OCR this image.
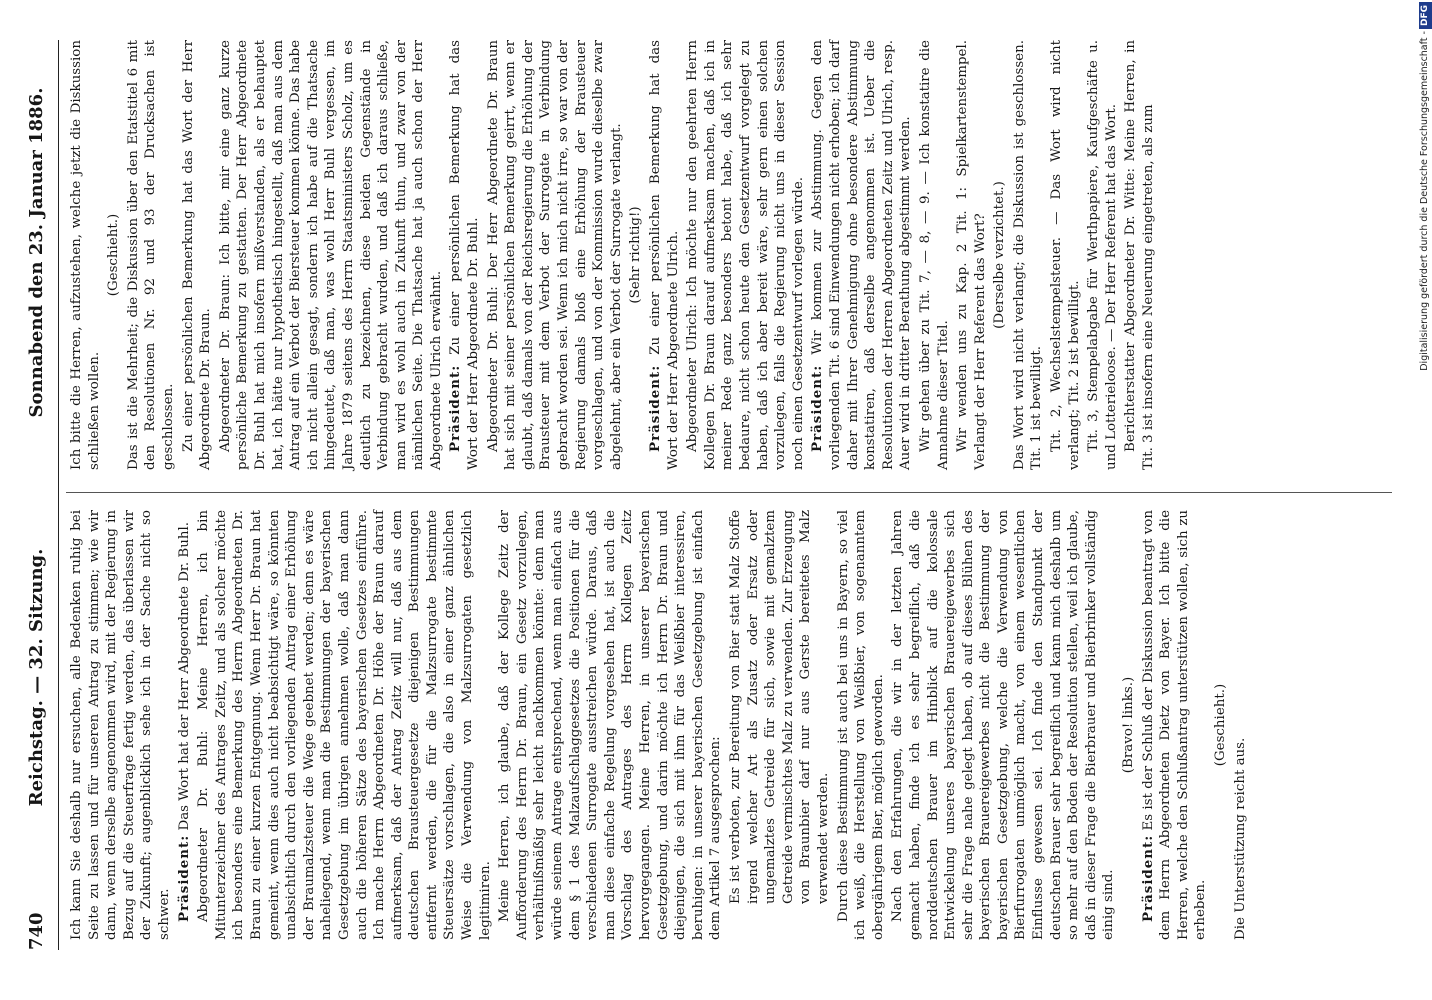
740
Reichstag. — 32. Sitzung.
Sonnabend den 23. Januar 1886.

Ich kann Sie deshalb nur ersuchen, alle Bedenken ruhig bei Seite zu lassen und für unseren Antrag zu stimmen; wie wir dann, wenn derselbe angenommen wird, mit der Regierung in Bezug auf die Steuerfrage fertig werden, das überlassen wir der Zukunft; augenblicklich sehe ich in der Sache nicht so schwer. Präsident: Das Wort hat der Herr Abgeordnete Dr. Buhl. Abgeordneter Dr. Buhl: Meine Herren, ich bin Mitunterzeichner des Antrages Zeitz, und als solcher möchte ich besonders eine Bemerkung des Herrn Abgeordneten Dr. Braun zu einer kurzen Entgegnung. Wenn Herr Dr. Braun hat gemeint, wenn dies auch nicht beabsichtigt wäre, so könnten unabsichtlich durch den vorliegenden Antrag einer Erhöhung der Braumalzsteuer die Wege geebnet werden; denn es wäre naheliegend, wenn man die Bestimmungen der bayerischen Gesetzgebung im übrigen annehmen wolle, daß man dann auch die höheren Sätze des bayerischen Gesetzes einführe. Ich mache Herrn Abgeordneten Dr. Höhe der Braun darauf aufmerksam, daß der Antrag Zeitz will nur, daß aus dem deutschen Brausteuergesetze diejenigen Bestimmungen entfernt werden, die für die Malzsurrogate bestimmte Steuersätze vorschlagen, die also in einer ganz ähnlichen Weise die Verwendung von Malzsurrogaten gesetzlich legitimiren. Meine Herren, ich glaube, daß der Kollege Zeitz der Aufforderung des Herrn Dr. Braun, ein Gesetz vorzulegen, verhältnißmäßig sehr leicht nachkommen könnte: denn man würde seinem Antrage entsprechend, wenn man einfach aus dem § 1 des Malzaufschlaggesetzes die Positionen für die verschiedenen Surrogate ausstreichen würde. Daraus, daß man diese einfache Regelung vorgesehen hat, ist auch die Vorschlag des Antrages des Herrn Kollegen Zeitz hervorgegangen. Meine Herren, in unserer bayerischen Gesetzgebung, und darin möchte ich Herrn Dr. Braun und diejenigen, die sich mit ihm für das Weißbier interessiren, beruhigen: in unserer bayerischen Gesetzgebung ist einfach dem Artikel 7 ausgesprochen: Es ist verboten, zur Bereitung von Bier statt Malz Stoffe irgend welcher Art als Zusatz oder Ersatz oder ungemalztes Getreide für sich, sowie mit gemalztem Getreide vermischtes Malz zu verwenden. Zur Erzeugung von Braunbier darf nur aus Gerste bereitetes Malz verwendet werden. Durch diese Bestimmung ist auch bei uns in Bayern, so viel ich weiß, die Herstellung von Weißbier, von sogenanntem obergährigem Bier, möglich geworden. Nach den Erfahrungen, die wir in der letzten Jahren gemacht haben, finde ich es sehr begreiflich, daß die norddeutschen Brauer im Hinblick auf die kolossale Entwickelung unseres bayerischen Brauereigewerbes sich sehr die Frage nahe gelegt haben, ob auf dieses Blühen des bayerischen Brauereigewerbes nicht die Bestimmung der bayerischen Gesetzgebung, welche die Verwendung von Bierfurrogaten unmöglich macht, von einem wesentlichen Einflusse gewesen sei. Ich finde den Standpunkt der deutschen Brauer sehr begreiflich und kann mich deshalb um so mehr auf den Boden der Resolution stellen, weil ich glaube, daß in dieser Frage die Bierbrauer und Bierbrinker vollständig einig sind.

(Bravo! links.)

Präsident: Es ist der Schluß der Diskussion beantragt von dem Herrn Abgeordneten Dietz von Bayer. Ich bitte die Herren, welche den Schlußantrag unterstützen wollen, sich zu erheben.

(Geschieht.)

Die Unterstützung reicht aus.

Ich bitte die Herren, aufzustehen, welche jetzt die Diskussion schließen wollen.

(Geschieht.) Das ist die Mehrheit; die Diskussion über den Etatstitel 6 mit den Resolutionen Nr. 92 und 93 der Drucksachen ist geschlossen. Zu einer persönlichen Bemerkung hat das Wort der Herr Abgeordnete Dr. Braun. Abgeordneter Dr. Braun: Ich bitte, mir eine ganz kurze persönliche Bemerkung zu gestatten. Der Herr Abgeordnete Dr. Buhl hat mich insofern mißverstanden, als er behauptet hat, ich hätte nur hypothetisch hingestellt, daß man aus dem Antrag auf ein Verbot der Biersteuer kommen könne. Das habe ich nicht allein gesagt, sondern ich habe auf die Thatsache hingedeutet, daß man, was wohl Herr Buhl vergessen, im Jahre 1879 seitens des Herrn Staatsministers Scholz, um es deutlich zu bezeichnen, diese beiden Gegenstände in Verbindung gebracht wurden, und daß ich daraus schließe, man wird es wohl auch in Zukunft thun, und zwar von der nämlichen Seite. Die Thatsache hat ja auch schon der Herr Abgeordnete Ulrich erwähnt. Präsident: Zu einer persönlichen Bemerkung hat das Wort der Herr Abgeordnete Dr. Buhl. Abgeordneter Dr. Buhl: Der Herr Abgeordnete Dr. Braun hat sich mit seiner persönlichen Bemerkung geirrt, wenn er glaubt, daß damals von der Reichsregierung die Erhöhung der Brausteuer mit dem Verbot der Surrogate in Verbindung gebracht worden sei. Wenn ich mich nicht irre, so war von der Regierung damals bloß eine Erhöhung der Brausteuer vorgeschlagen, und von der Kommission wurde dieselbe zwar abgelehnt, aber ein Verbot der Surrogate verlangt. (Sehr richtig!)

Präsident: Zu einer persönlichen Bemerkung hat das Wort der Herr Abgeordnete Ulrich. Abgeordneter Ulrich: Ich möchte nur den geehrten Herrn Kollegen Dr. Braun darauf aufmerksam machen, daß ich in meiner Rede ganz besonders betont habe, daß ich sehr bedaure, nicht schon heute den Gesetzentwurf vorgelegt zu haben, daß ich aber bereit wäre, sehr gern einen solchen vorzulegen, falls die Regierung nicht uns in dieser Session noch einen Gesetzentwurf vorlegen würde. Präsident: Wir kommen zur Abstimmung. Gegen den vorliegenden Tit. 6 sind Einwendungen nicht erhoben; ich darf daher mit Ihrer Genehmigung ohne besondere Abstimmung konstatiren, daß derselbe angenommen ist. Ueber die Resolutionen der Herren Abgeordneten Zeitz und Ulrich, resp. Auer wird in dritter Berathung abgestimmt werden. Wir gehen über zu Tit. 7, — 8, — 9. — Ich konstatire die Annahme dieser Titel. Wir wenden uns zu Kap. 2 Tit. 1: Spielkartenstempel. Verlangt der Herr Referent das Wort? (Derselbe verzichtet.) Das Wort wird nicht verlangt; die Diskussion ist geschlossen. Tit. 1 ist bewilligt. Tit. 2, Wechselstempelsteuer. — Das Wort wird nicht verlangt; Tit. 2 ist bewilligt. Tit. 3, Stempelabgabe für Werthpapiere, Kaufgeschäfte u. und Lotterieloose. — Der Herr Referent hat das Wort. Berichterstatter Abgeordneter Dr. Witte: Meine Herren, in Tit. 3 ist insofern eine Neuerung eingetreten, als zum	Digitalisierung gefördert durch die Deutsche Forschungsgemeinschaft -
DFG
